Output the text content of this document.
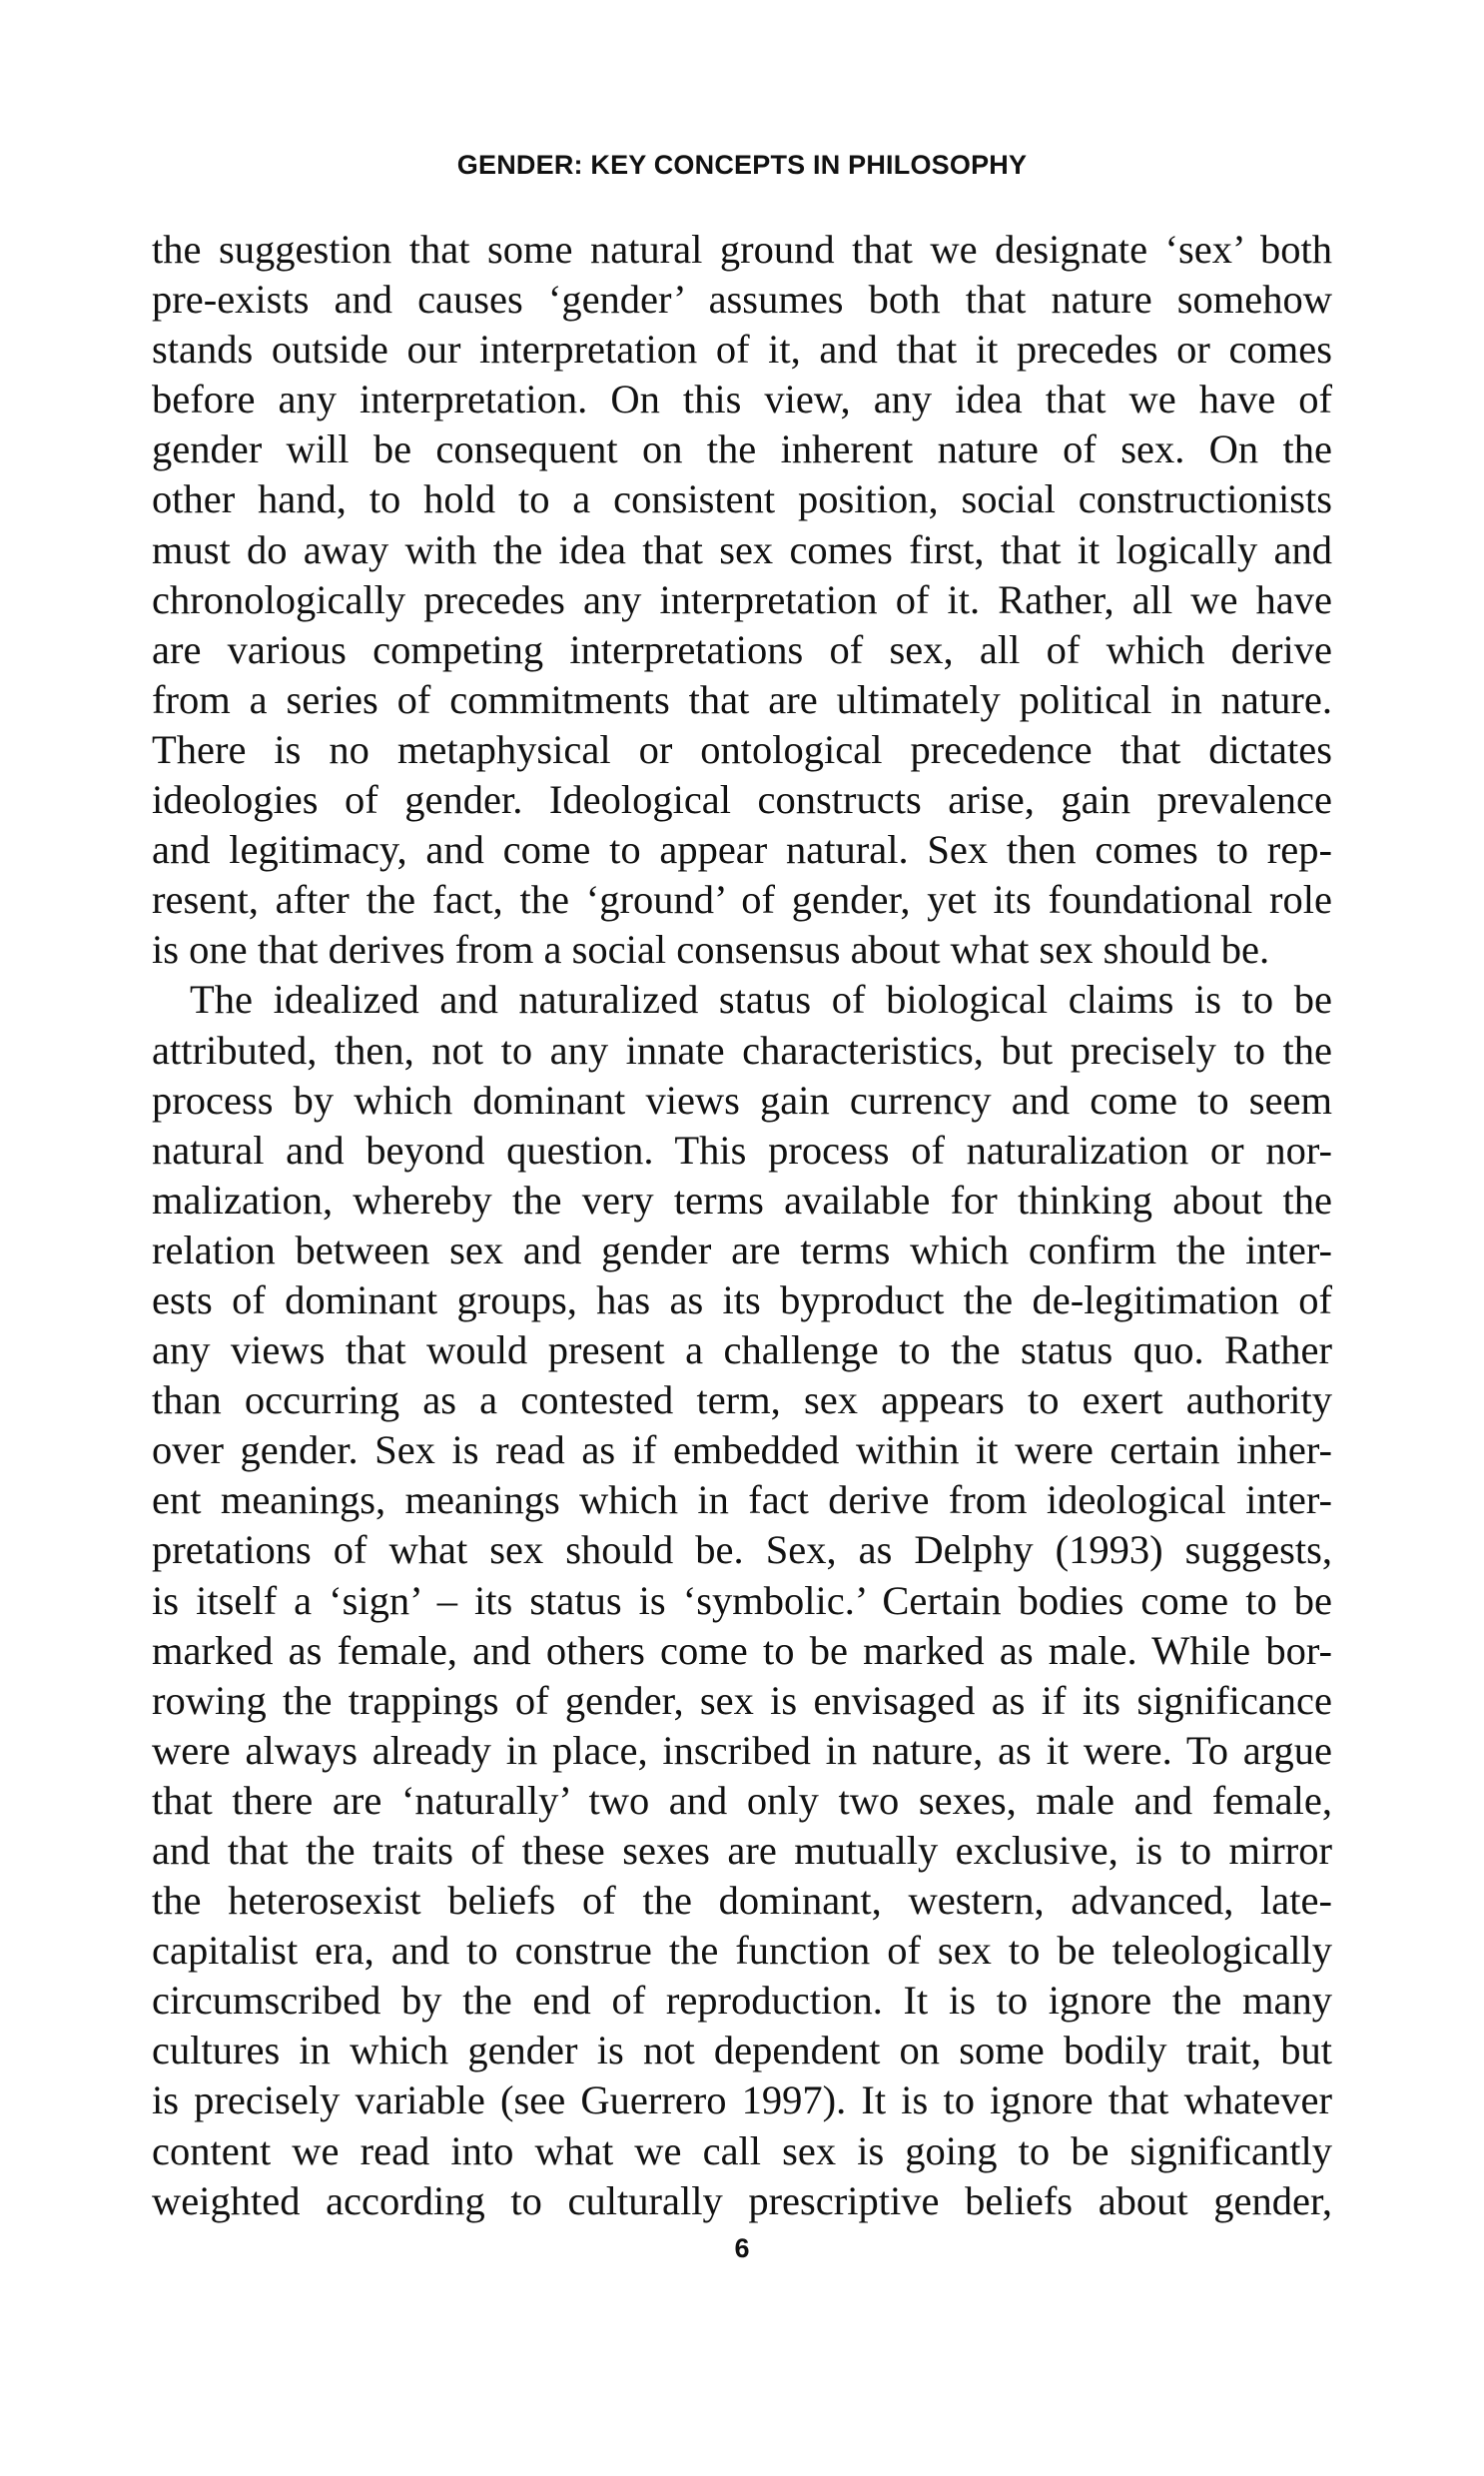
GENDER: KEY CONCEPTS IN PHILOSOPHY
the suggestion that some natural ground that we designate ‘sex’ both
pre-exists and causes ‘gender’ assumes both that nature somehow
stands outside our interpretation of it, and that it precedes or comes
before any interpretation. On this view, any idea that we have of
gender will be consequent on the inherent nature of sex. On the
other hand, to hold to a consistent position, social constructionists
must do away with the idea that sex comes first, that it logically and
chronologically precedes any interpretation of it. Rather, all we have
are various competing interpretations of sex, all of which derive
from a series of commitments that are ultimately political in nature.
There is no metaphysical or ontological precedence that dictates
ideologies of gender. Ideological constructs arise, gain prevalence
and legitimacy, and come to appear natural. Sex then comes to rep-
resent, after the fact, the ‘ground’ of gender, yet its foundational role
is one that derives from a social consensus about what sex should be.
The idealized and naturalized status of biological claims is to be
attributed, then, not to any innate characteristics, but precisely to the
process by which dominant views gain currency and come to seem
natural and beyond question. This process of naturalization or nor-
malization, whereby the very terms available for thinking about the
relation between sex and gender are terms which confirm the inter-
ests of dominant groups, has as its byproduct the de-legitimation of
any views that would present a challenge to the status quo. Rather
than occurring as a contested term, sex appears to exert authority
over gender. Sex is read as if embedded within it were certain inher-
ent meanings, meanings which in fact derive from ideological inter-
pretations of what sex should be. Sex, as Delphy (1993) suggests,
is itself a ‘sign’ – its status is ‘symbolic.’ Certain bodies come to be
marked as female, and others come to be marked as male. While bor-
rowing the trappings of gender, sex is envisaged as if its significance
were always already in place, inscribed in nature, as it were. To argue
that there are ‘naturally’ two and only two sexes, male and female,
and that the traits of these sexes are mutually exclusive, is to mirror
the heterosexist beliefs of the dominant, western, advanced, late-
capitalist era, and to construe the function of sex to be teleologically
circumscribed by the end of reproduction. It is to ignore the many
cultures in which gender is not dependent on some bodily trait, but
is precisely variable (see Guerrero 1997). It is to ignore that whatever
content we read into what we call sex is going to be significantly
weighted according to culturally prescriptive beliefs about gender,
6
